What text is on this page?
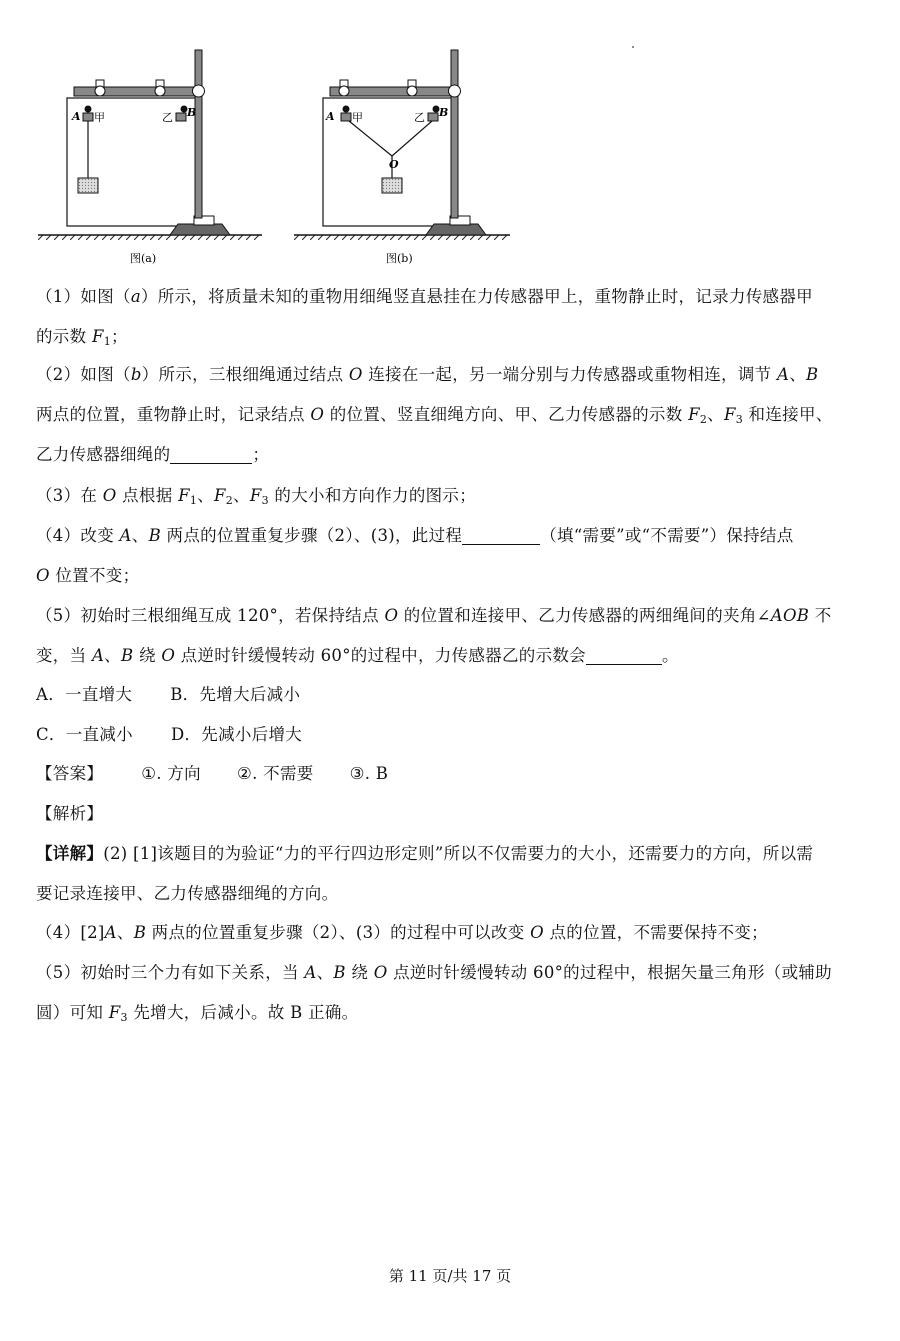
A 甲	乙 B
图(a)
A 甲	乙 B
O
图(b)
（1）如图（a）所示，将质量未知的重物用细绳竖直悬挂在力传感器甲上，重物静止时，记录力传感器甲
的示数 $F_1$；
（2）如图（b）所示，三根细绳通过结点 O 连接在一起，另一端分别与力传感器或重物相连，调节 A、B
两点的位置，重物静止时，记录结点 O 的位置、竖直细绳方向、甲、乙力传感器的示数 $F_2$、$F_3$ 和连接甲、
乙力传感器细绳的	；
（3）在 O 点根据 $F_1$、$F_2$、$F_3$ 的大小和方向作力的图示；
（4）改变 A、B 两点的位置重复步骤（2）、(3)，此过程	（填“需要”或“不需要”）保持结点
O 位置不变；
（5）初始时三根细绳互成 120°，若保持结点 O 的位置和连接甲、乙力传感器的两细绳间的夹角∠AOB 不
变，当 A、B 绕 O 点逆时针缓慢转动 60°的过程中，力传感器乙的示数会	。
A．一直增大 B．先增大后减小
C．一直减小 D．先减小后增大
【答案】 ①. 方向 ②. 不需要 ③. B
【解析】
【详解】(2) [1]该题目的为验证“力的平行四边形定则”所以不仅需要力的大小，还需要力的方向，所以需
要记录连接甲、乙力传感器细绳的方向。
（4）[2]A、B 两点的位置重复步骤（2）、(3）的过程中可以改变 O 点的位置，不需要保持不变；
（5）初始时三个力有如下关系，当 A、B 绕 O 点逆时针缓慢转动 60°的过程中，根据矢量三角形（或辅助
圆）可知 $F_3$ 先增大，后减小。故 B 正确。
第 11 页/共 17 页
